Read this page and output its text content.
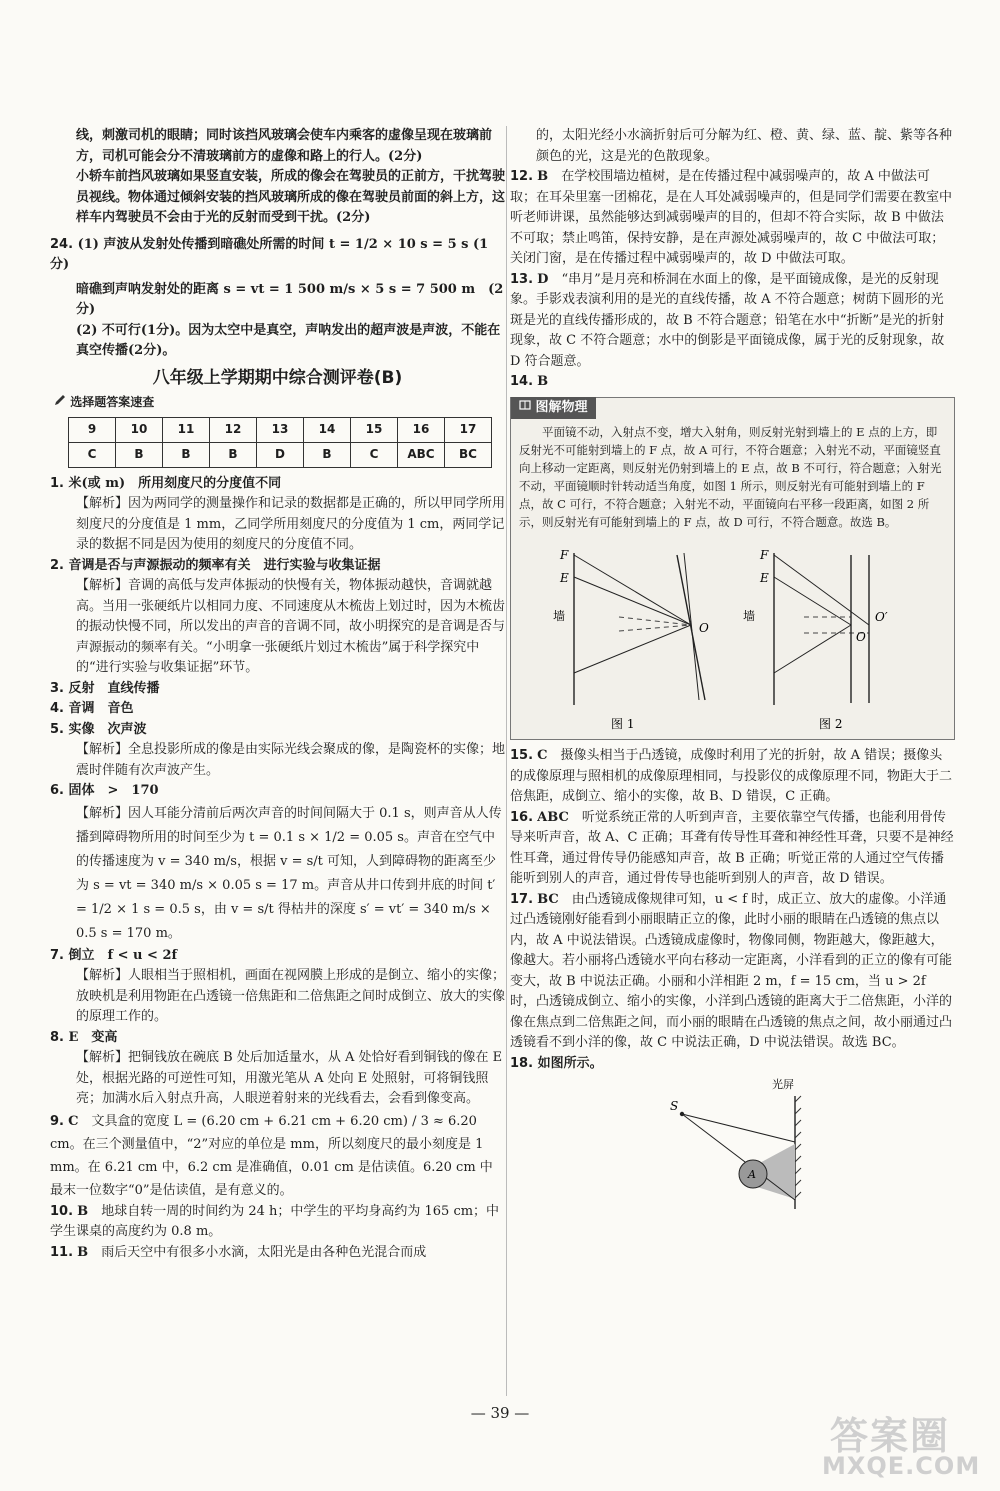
线，刺激司机的眼睛；同时该挡风玻璃会使车内乘客的虚像呈现在玻璃前方，司机可能会分不清玻璃前方的虚像和路上的行人。(2分)

小轿车前挡风玻璃如果竖直安装，所成的像会在驾驶员的正前方，干扰驾驶员视线。物体通过倾斜安装的挡风玻璃所成的像在驾驶员前面的斜上方，这样车内驾驶员不会由于光的反射而受到干扰。(2分)

24. (1) 声波从发射处传播到暗礁处所需的时间 t = 1/2 × 10 s = 5 s (1分)

暗礁到声呐发射处的距离 s = vt = 1 500 m/s × 5 s = 7 500 m　(2分)

(2) 不可行(1分)。因为太空中是真空，声呐发出的超声波是声波，不能在真空传播(2分)。

八年级上学期期中综合测评卷(B)
选择题答案速查
9	10	11	12	13	14	15	16	17
C	B	B	B	D	B	C	ABC	BC

1. 米(或 m)　所用刻度尺的分度值不同

【解析】因为两同学的测量操作和记录的数据都是正确的，所以甲同学所用刻度尺的分度值是 1 mm，乙同学所用刻度尺的分度值为 1 cm，两同学记录的数据不同是因为使用的刻度尺的分度值不同。

2. 音调是否与声源振动的频率有关　进行实验与收集证据

【解析】音调的高低与发声体振动的快慢有关，物体振动越快，音调就越高。当用一张硬纸片以相同力度、不同速度从木梳齿上划过时，因为木梳齿的振动快慢不同，所以发出的声音的音调不同，故小明探究的是音调是否与声源振动的频率有关。“小明拿一张硬纸片划过木梳齿”属于科学探究中的“进行实验与收集证据”环节。

3. 反射　直线传播

4. 音调　音色

5. 实像　次声波

【解析】全息投影所成的像是由实际光线会聚成的像，是陶瓷杯的实像；地震时伴随有次声波产生。

6. 固体　>　170

【解析】因人耳能分清前后两次声音的时间间隔大于 0.1 s，则声音从人传播到障碍物所用的时间至少为 t = 0.1 s × 1/2 = 0.05 s。声音在空气中的传播速度为 v = 340 m/s，根据 v = s/t 可知，人到障碍物的距离至少为 s = vt = 340 m/s × 0.05 s = 17 m。声音从井口传到井底的时间 t′ = 1/2 × 1 s = 0.5 s，由 v = s/t 得枯井的深度 s′ = vt′ = 340 m/s × 0.5 s = 170 m。

7. 倒立　f < u < 2f

【解析】人眼相当于照相机，画面在视网膜上形成的是倒立、缩小的实像；放映机是利用物距在凸透镜一倍焦距和二倍焦距之间时成倒立、放大的实像的原理工作的。

8. E　变高

【解析】把铜钱放在碗底 B 处后加适量水，从 A 处恰好看到铜钱的像在 E 处，根据光路的可逆性可知，用激光笔从 A 处向 E 处照射，可将铜钱照亮；加满水后入射点升高，人眼逆着射来的光线看去，会看到像变高。

9. C　 文具盒的宽度 L = (6.20 cm + 6.21 cm + 6.20 cm) / 3 ≈ 6.20 cm。在三个测量值中，“2”对应的单位是 mm，所以刻度尺的最小刻度是 1 mm。在 6.21 cm 中，6.2 cm 是准确值，0.01 cm 是估读值。6.20 cm 中最末一位数字“0”是估读值，是有意义的。

10. B　 地球自转一周的时间约为 24 h；中学生的平均身高约为 165 cm；中学生课桌的高度约为 0.8 m。

11. B　 雨后天空中有很多小水滴，太阳光是由各种色光混合而成

的，太阳光经小水滴折射后可分解为红、橙、黄、绿、蓝、靛、紫等各种颜色的光，这是光的色散现象。

12. B　 在学校围墙边植树，是在传播过程中减弱噪声的，故 A 中做法可取；在耳朵里塞一团棉花，是在人耳处减弱噪声的，但是同学们需要在教室中听老师讲课，虽然能够达到减弱噪声的目的，但却不符合实际，故 B 中做法不可取；禁止鸣笛，保持安静，是在声源处减弱噪声的，故 C 中做法可取；关闭门窗，是在传播过程中减弱噪声的，故 D 中做法可取。

13. D　 “串月”是月亮和桥洞在水面上的像，是平面镜成像，是光的反射现象。手影戏表演利用的是光的直线传播，故 A 不符合题意；树荫下圆形的光斑是光的直线传播形成的，故 B 不符合题意；铅笔在水中“折断”是光的折射现象，故 C 不符合题意；水中的倒影是平面镜成像，属于光的反射现象，故 D 符合题意。

14. B

图解物理

平面镜不动，入射点不变，增大入射角，则反射光射到墙上的 E 点的上方，即反射光不可能射到墙上的 F 点，故 A 可行，不符合题意；入射光不动，平面镜竖直向上移动一定距离，则反射光仍射到墙上的 E 点，故 B 不可行，符合题意；入射光不动，平面镜顺时针转动适当角度，如图 1 所示，则反射光有可能射到墙上的 F 点，故 C 可行，不符合题意；入射光不动，平面镜向右平移一段距离，如图 2 所示，则反射光有可能射到墙上的 F 点，故 D 可行，不符合题意。故选 B。

F
E
墙
O
图 1
F
E
墙
O
O′
图 2

15. C　 摄像头相当于凸透镜，成像时利用了光的折射，故 A 错误；摄像头的成像原理与照相机的成像原理相同，与投影仪的成像原理不同，物距大于二倍焦距，成倒立、缩小的实像，故 B、D 错误，C 正确。

16. ABC　 听觉系统正常的人听到声音，主要依靠空气传播，也能利用骨传导来听声音，故 A、C 正确；耳聋有传导性耳聋和神经性耳聋，只要不是神经性耳聋，通过骨传导仍能感知声音，故 B 正确；听觉正常的人通过空气传播能听到别人的声音，通过骨传导也能听到别人的声音，故 D 错误。

17. BC　 由凸透镜成像规律可知，u < f 时，成正立、放大的虚像。小洋通过凸透镜刚好能看到小丽眼睛正立的像，此时小丽的眼睛在凸透镜的焦点以内，故 A 中说法错误。凸透镜成虚像时，物像同侧，物距越大，像距越大，像越大。若小丽将凸透镜水平向右移动一定距离，小洋看到的正立的像有可能变大，故 B 中说法正确。小丽和小洋相距 2 m，f = 15 cm，当 u > 2f 时，凸透镜成倒立、缩小的实像，小洋到凸透镜的距离大于二倍焦距，小洋的像在焦点到二倍焦距之间，而小丽的眼睛在凸透镜的焦点之间，故小丽通过凸透镜看不到小洋的像，故 C 中说法正确，D 中说法错误。故选 BC。

18. 如图所示。

光屏
S
A
— 39 —
答案圈
MXQE.COM
